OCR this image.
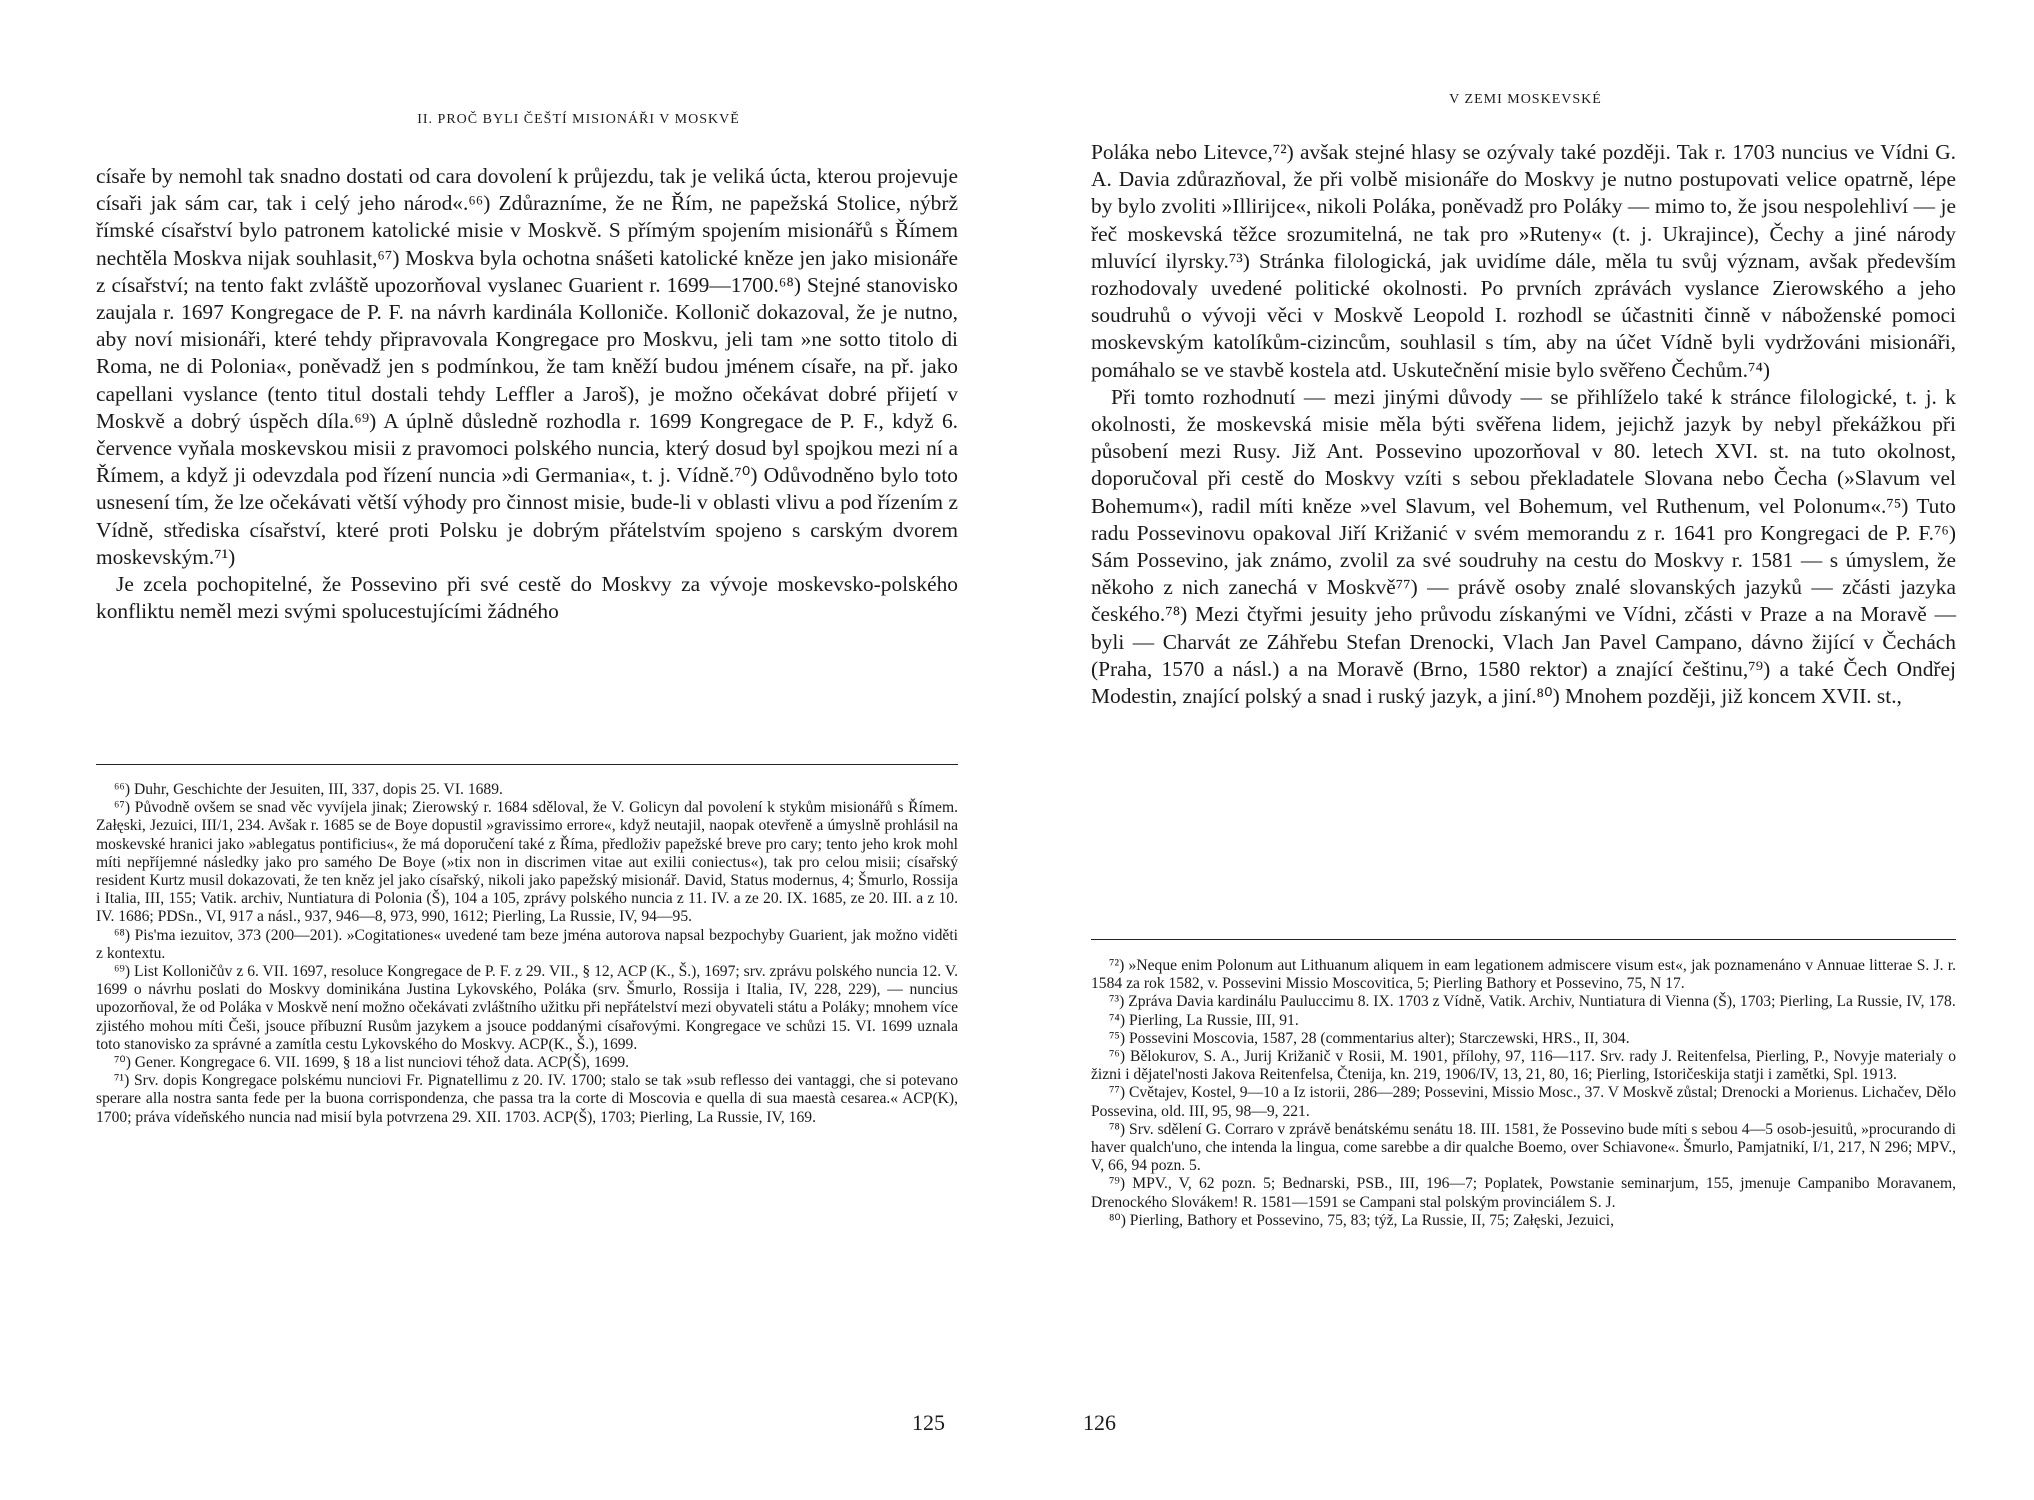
II. PROČ BYLI ČEŠTÍ MISIONÁŘI V MOSKVĚ

císaře by nemohl tak snadno dostati od cara dovolení k průjezdu, tak je veliká úcta, kterou projevuje císaři jak sám car, tak i celý jeho národ«.⁶⁶) Zdůrazníme, že ne Řím, ne papežská Stolice, nýbrž římské císařství bylo patronem katolické misie v Moskvě. S přímým spojením misionářů s Římem nechtěla Moskva nijak souhlasit,⁶⁷) Moskva byla ochotna snášeti katolické kněze jen jako misionáře z císařství; na tento fakt zvláště upozorňoval vyslanec Guarient r. 1699—1700.⁶⁸) Stejné stanovisko zaujala r. 1697 Kongregace de P. F. na návrh kardinála Kolloniče. Kollonič dokazoval, že je nutno, aby noví misionáři, které tehdy připravovala Kongregace pro Moskvu, jeli tam »ne sotto titolo di Roma, ne di Polonia«, poněvadž jen s podmínkou, že tam kněží budou jménem císaře, na př. jako capellani vyslance (tento titul dostali tehdy Leffler a Jaroš), je možno očekávat dobré přijetí v Moskvě a dobrý úspěch díla.⁶⁹) A úplně důsledně rozhodla r. 1699 Kongregace de P. F., když 6. července vyňala moskevskou misii z pravomoci polského nuncia, který dosud byl spojkou mezi ní a Římem, a když ji odevzdala pod řízení nuncia »di Germania«, t. j. Vídně.⁷⁰) Odůvodněno bylo toto usnesení tím, že lze očekávati větší výhody pro činnost misie, bude-li v oblasti vlivu a pod řízením z Vídně, střediska císařství, které proti Polsku je dobrým přátelstvím spojeno s carským dvorem moskevským.⁷¹)

Je zcela pochopitelné, že Possevino při své cestě do Moskvy za vývoje moskevsko-polského konfliktu neměl mezi svými spolucestujícími žádného

⁶⁶) Duhr, Geschichte der Jesuiten, III, 337, dopis 25. VI. 1689.

⁶⁷) Původně ovšem se snad věc vyvíjela jinak; Zierowský r. 1684 sděloval, že V. Golicyn dal povolení k stykům misionářů s Římem. Załęski, Jezuici, III/1, 234. Avšak r. 1685 se de Boye dopustil »gravissimo errore«, když neutajil, naopak otevřeně a úmyslně prohlásil na moskevské hranici jako »ablegatus pontificius«, že má doporučení také z Říma, předloživ papežské breve pro cary; tento jeho krok mohl míti nepříjemné následky jako pro samého De Boye (»tix non in discrimen vitae aut exilii coniectus«), tak pro celou misii; císařský resident Kurtz musil dokazovati, že ten kněz jel jako císařský, nikoli jako papežský misionář. David, Status modernus, 4; Šmurlo, Rossija i Italia, III, 155; Vatik. archiv, Nuntiatura di Polonia (Š), 104 a 105, zprávy polského nuncia z 11. IV. a ze 20. IX. 1685, ze 20. III. a z 10. IV. 1686; PDSn., VI, 917 a násl., 937, 946—8, 973, 990, 1612; Pierling, La Russie, IV, 94—95.

⁶⁸) Pis'ma iezuitov, 373 (200—201). »Cogitationes« uvedené tam beze jména autorova napsal bezpochyby Guarient, jak možno viděti z kontextu.

⁶⁹) List Kolloničův z 6. VII. 1697, resoluce Kongregace de P. F. z 29. VII., § 12, ACP (K., Š.), 1697; srv. zprávu polského nuncia 12. V. 1699 o návrhu poslati do Moskvy dominikána Justina Lykovského, Poláka (srv. Šmurlo, Rossija i Italia, IV, 228, 229), — nuncius upozorňoval, že od Poláka v Moskvě není možno očekávati zvláštního užitku při nepřátelství mezi obyvateli státu a Poláky; mnohem více zjistého mohou míti Češi, jsouce příbuzní Rusům jazykem a jsouce poddanými císařovými. Kongregace ve schůzi 15. VI. 1699 uznala toto stanovisko za správné a zamítla cestu Lykovského do Moskvy. ACP(K., Š.), 1699.

⁷⁰) Gener. Kongregace 6. VII. 1699, § 18 a list nunciovi téhož data. ACP(Š), 1699.

⁷¹) Srv. dopis Kongregace polskému nunciovi Fr. Pignatellimu z 20. IV. 1700; stalo se tak »sub reflesso dei vantaggi, che si potevano sperare alla nostra santa fede per la buona corrispondenza, che passa tra la corte di Moscovia e quella di sua maestà cesarea.« ACP(K), 1700; práva vídeňského nuncia nad misií byla potvrzena 29. XII. 1703. ACP(Š), 1703; Pierling, La Russie, IV, 169.

125
V ZEMI MOSKEVSKÉ

Poláka nebo Litevce,⁷²) avšak stejné hlasy se ozývaly také později. Tak r. 1703 nuncius ve Vídni G. A. Davia zdůrazňoval, že při volbě misionáře do Moskvy je nutno postupovati velice opatrně, lépe by bylo zvoliti »Illirijce«, nikoli Poláka, poněvadž pro Poláky — mimo to, že jsou nespolehliví — je řeč moskevská těžce srozumitelná, ne tak pro »Ruteny« (t. j. Ukrajince), Čechy a jiné národy mluvící ilyrsky.⁷³) Stránka filologická, jak uvidíme dále, měla tu svůj význam, avšak především rozhodovaly uvedené politické okolnosti. Po prvních zprávách vyslance Zierowského a jeho soudruhů o vývoji věci v Moskvě Leopold I. rozhodl se účastniti činně v náboženské pomoci moskevským katolíkům-cizincům, souhlasil s tím, aby na účet Vídně byli vydržováni misionáři, pomáhalo se ve stavbě kostela atd. Uskutečnění misie bylo svěřeno Čechům.⁷⁴)

Při tomto rozhodnutí — mezi jinými důvody — se přihlíželo také k stránce filologické, t. j. k okolnosti, že moskevská misie měla býti svěřena lidem, jejichž jazyk by nebyl překážkou při působení mezi Rusy. Již Ant. Possevino upozorňoval v 80. letech XVI. st. na tuto okolnost, doporučoval při cestě do Moskvy vzíti s sebou překladatele Slovana nebo Čecha (»Slavum vel Bohemum«), radil míti kněze »vel Slavum, vel Bohemum, vel Ruthenum, vel Polonum«.⁷⁵) Tuto radu Possevinovu opakoval Jiří Križanić v svém memorandu z r. 1641 pro Kongregaci de P. F.⁷⁶) Sám Possevino, jak známo, zvolil za své soudruhy na cestu do Moskvy r. 1581 — s úmyslem, že někoho z nich zanechá v Moskvě⁷⁷) — právě osoby znalé slovanských jazyků — zčásti jazyka českého.⁷⁸) Mezi čtyřmi jesuity jeho průvodu získanými ve Vídni, zčásti v Praze a na Moravě — byli — Charvát ze Záhřebu Stefan Drenocki, Vlach Jan Pavel Campano, dávno žijící v Čechách (Praha, 1570 a násl.) a na Moravě (Brno, 1580 rektor) a znající češtinu,⁷⁹) a také Čech Ondřej Modestin, znající polský a snad i ruský jazyk, a jiní.⁸⁰) Mnohem později, již koncem XVII. st.,

⁷²) »Neque enim Polonum aut Lithuanum aliquem in eam legationem admiscere visum est«, jak poznamenáno v Annuae litterae S. J. r. 1584 za rok 1582, v. Possevini Missio Moscovitica, 5; Pierling Bathory et Possevino, 75, N 17.

⁷³) Zpráva Davia kardinálu Pauluccimu 8. IX. 1703 z Vídně, Vatik. Archiv, Nuntiatura di Vienna (Š), 1703; Pierling, La Russie, IV, 178.

⁷⁴) Pierling, La Russie, III, 91.

⁷⁵) Possevini Moscovia, 1587, 28 (commentarius alter); Starczewski, HRS., II, 304.

⁷⁶) Bělokurov, S. A., Jurij Križanič v Rosii, M. 1901, přílohy, 97, 116—117. Srv. rady J. Reitenfelsa, Pierling, P., Novyje materialy o žizni i dějatel'nosti Jakova Reitenfelsa, Čtenija, kn. 219, 1906/IV, 13, 21, 80, 16; Pierling, Istoričeskija statji i zamětki, Spl. 1913.

⁷⁷) Cvětajev, Kostel, 9—10 a Iz istorii, 286—289; Possevini, Missio Mosc., 37. V Moskvě zůstal; Drenocki a Morienus. Lichačev, Dělo Possevina, old. III, 95, 98—9, 221.

⁷⁸) Srv. sdělení G. Corraro v zprávě benátskému senátu 18. III. 1581, že Possevino bude míti s sebou 4—5 osob-jesuitů, »procurando di haver qualch'uno, che intenda la lingua, come sarebbe a dir qualche Boemo, over Schiavone«. Šmurlo, Pamjatnikí, I/1, 217, N 296; MPV., V, 66, 94 pozn. 5.

⁷⁹) MPV., V, 62 pozn. 5; Bednarski, PSB., III, 196—7; Poplatek, Powstanie seminarjum, 155, jmenuje Campanibo Moravanem, Drenockého Slovákem! R. 1581—1591 se Campani stal polským provinciálem S. J.

⁸⁰) Pierling, Bathory et Possevino, 75, 83; týž, La Russie, II, 75; Załęski, Jezuici,

126
